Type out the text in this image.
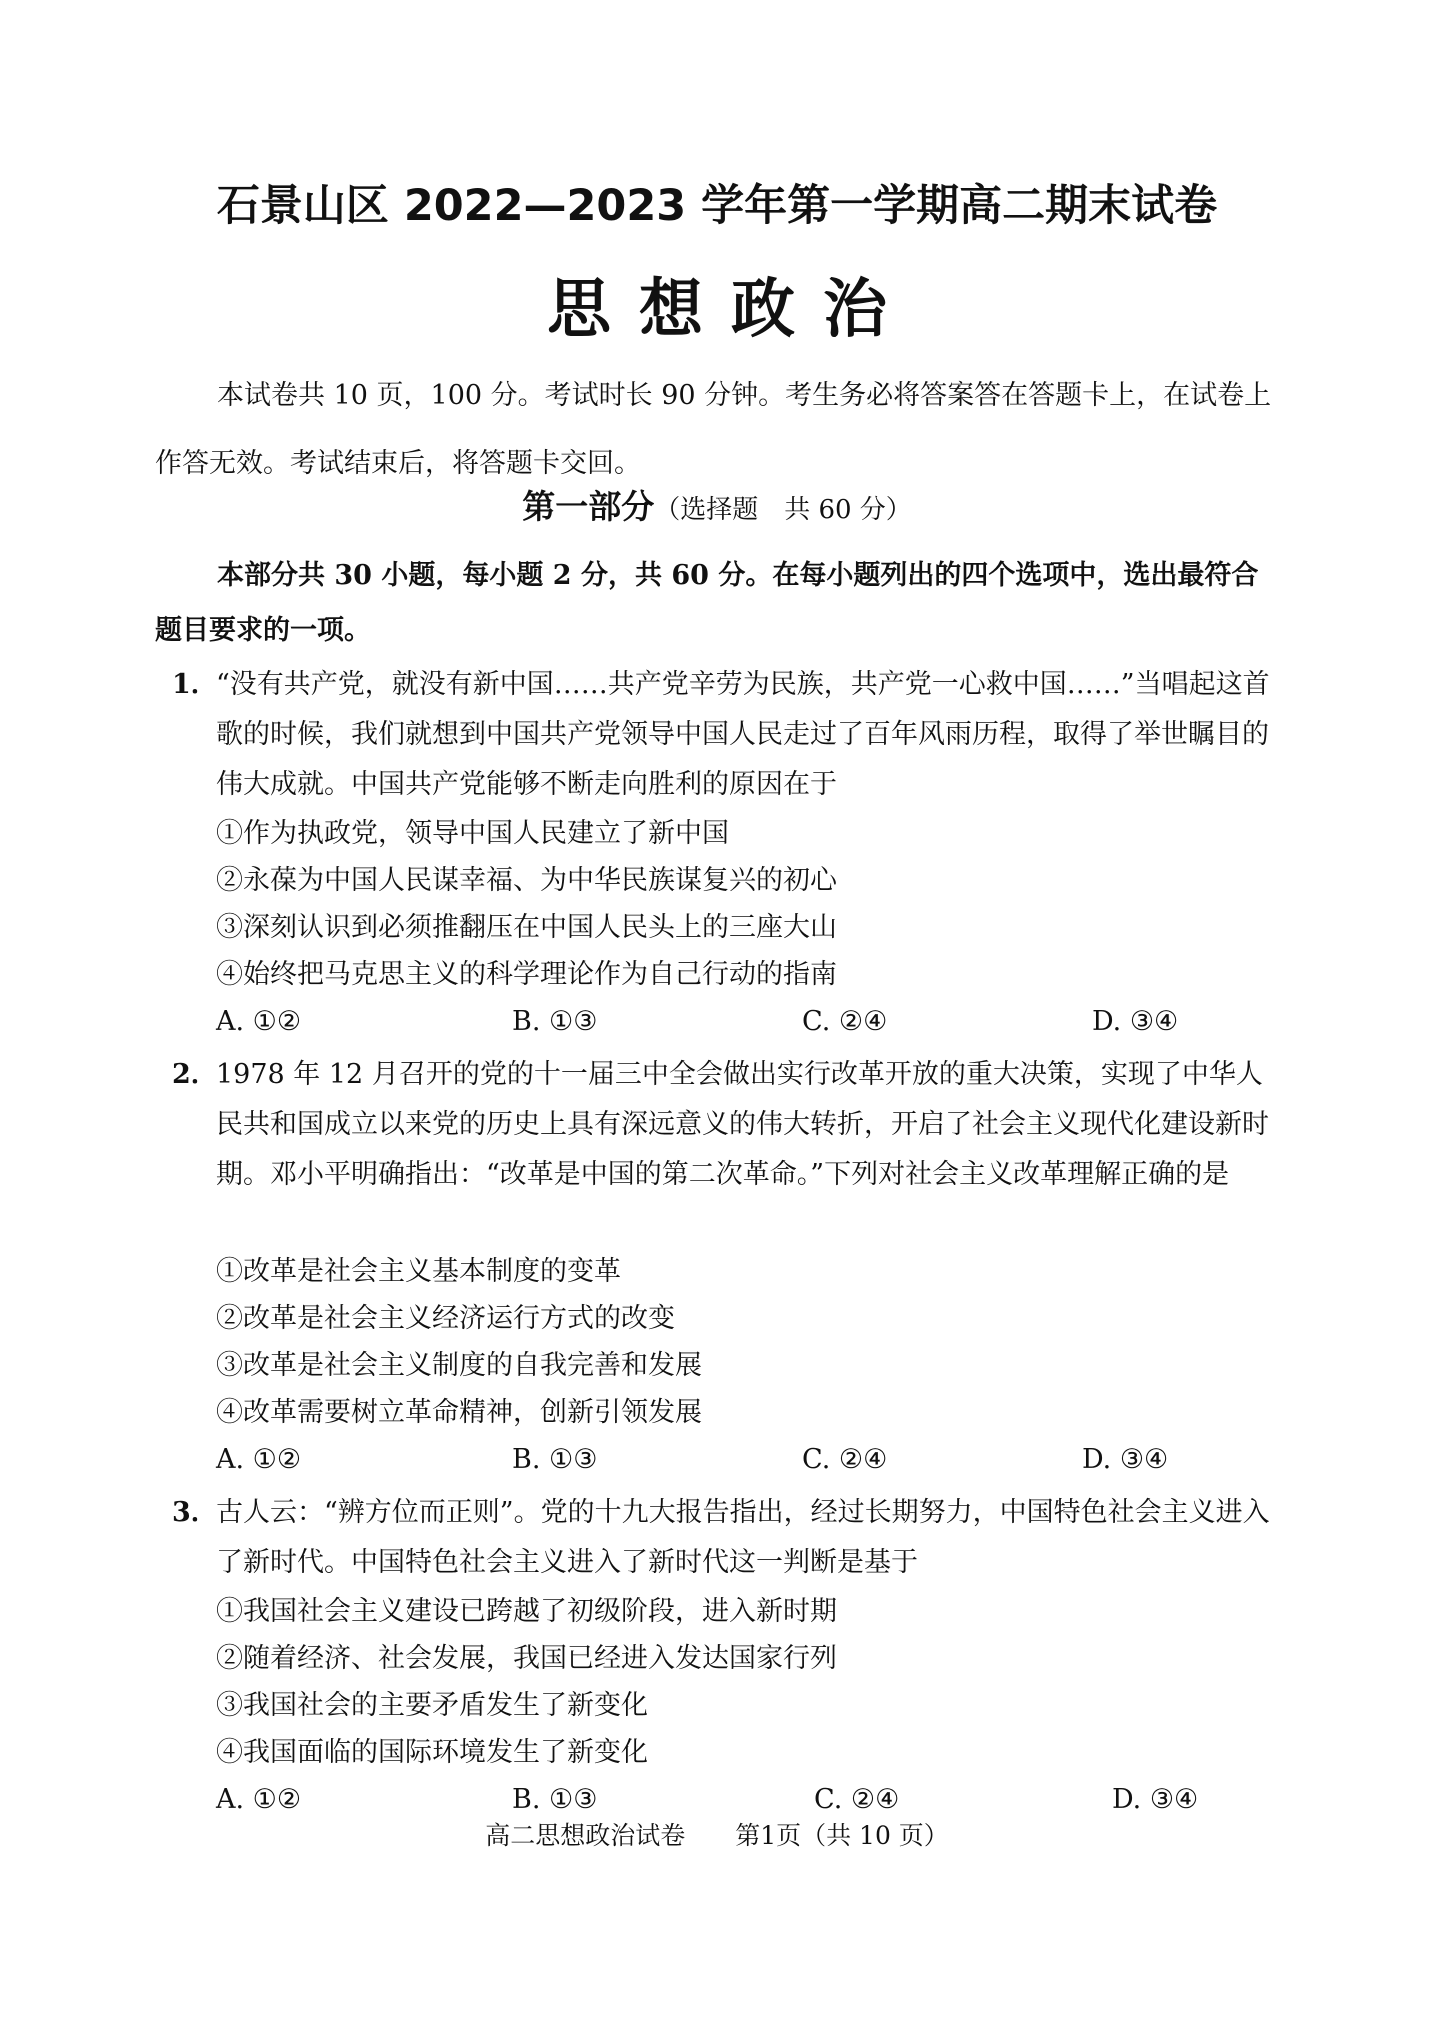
石景山区 2022—2023 学年第一学期高二期末试卷
思想政治
本试卷共 10 页，100 分。考试时长 90 分钟。考生务必将答案答在答题卡上，在试卷上作答无效。考试结束后，将答题卡交回。
第一部分（选择题　共 60 分）
本部分共 30 小题，每小题 2 分，共 60 分。在每小题列出的四个选项中，选出最符合题目要求的一项。
1．
“没有共产党，就没有新中国……共产党辛劳为民族，共产党一心救中国……”当唱起这首歌的时候，我们就想到中国共产党领导中国人民走过了百年风雨历程，取得了举世瞩目的伟大成就。中国共产党能够不断走向胜利的原因在于
①作为执政党，领导中国人民建立了新中国
②永葆为中国人民谋幸福、为中华民族谋复兴的初心
③深刻认识到必须推翻压在中国人民头上的三座大山
④始终把马克思主义的科学理论作为自己行动的指南
A. ①②	B. ①③	C. ②④	D. ③④
2．
1978 年 12 月召开的党的十一届三中全会做出实行改革开放的重大决策，实现了中华人民共和国成立以来党的历史上具有深远意义的伟大转折，开启了社会主义现代化建设新时期。邓小平明确指出：“改革是中国的第二次革命。”下列对社会主义改革理解正确的是
①改革是社会主义基本制度的变革
②改革是社会主义经济运行方式的改变
③改革是社会主义制度的自我完善和发展
④改革需要树立革命精神，创新引领发展
A. ①②	B. ①③	C. ②④	D. ③④
3．
古人云：“辨方位而正则”。党的十九大报告指出，经过长期努力，中国特色社会主义进入了新时代。中国特色社会主义进入了新时代这一判断是基于
①我国社会主义建设已跨越了初级阶段，进入新时期
②随着经济、社会发展，我国已经进入发达国家行列
③我国社会的主要矛盾发生了新变化
④我国面临的国际环境发生了新变化
A. ①②	B. ①③	C. ②④	D. ③④
高二思想政治试卷　　第1页（共 10 页）
